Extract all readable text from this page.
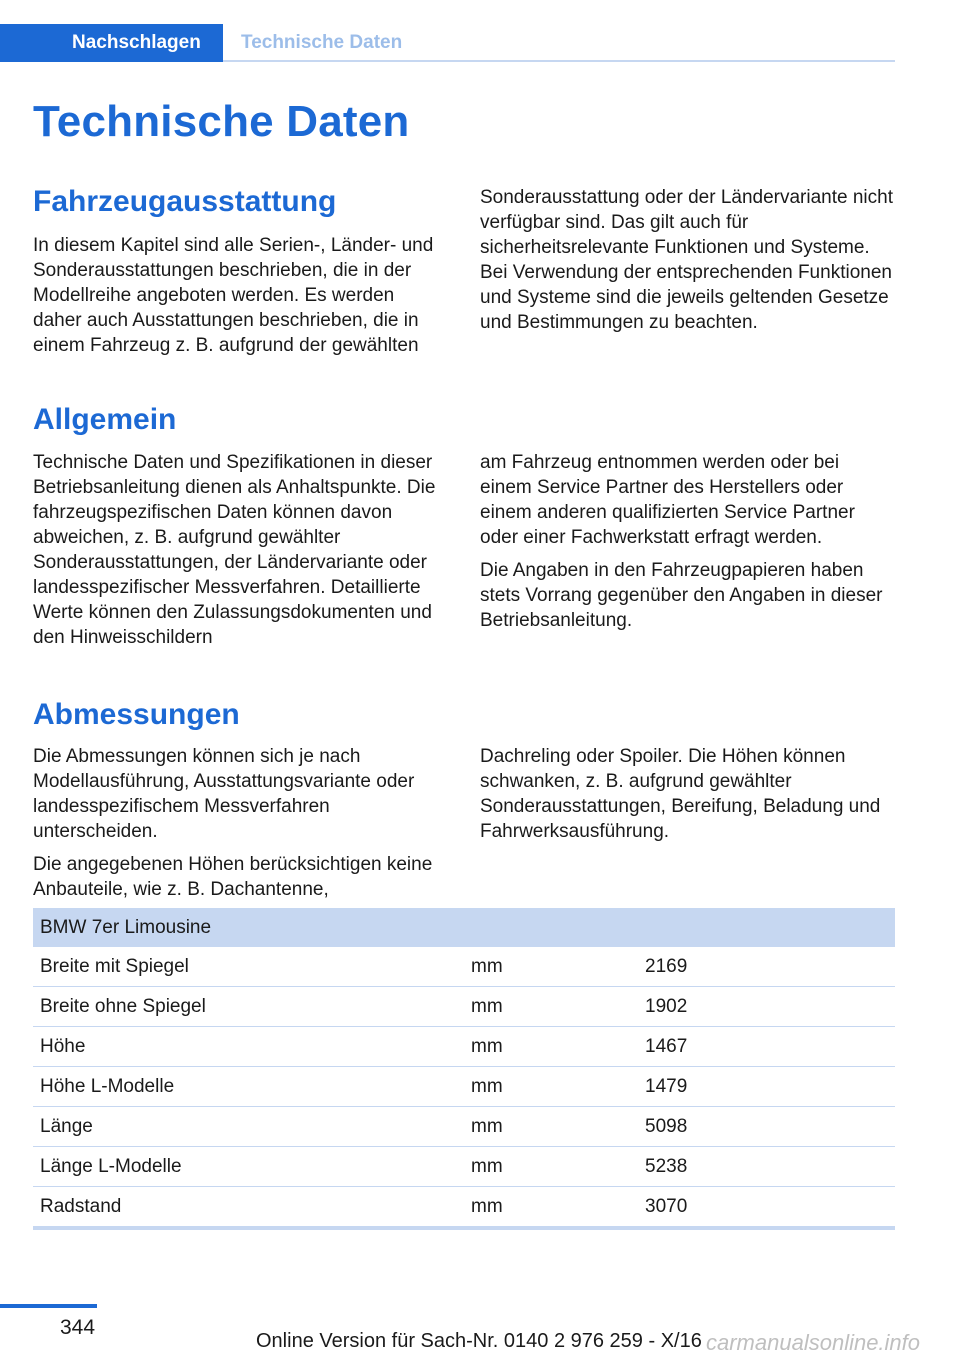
Nachschlagen	Technische Daten
Technische Daten
Fahrzeugausstattung

In diesem Kapitel sind alle Serien-, Länder- und Sonderausstattungen beschrieben, die in der Modellreihe angeboten werden. Es werden daher auch Ausstattungen beschrieben, die in einem Fahrzeug z. B. aufgrund der gewählten

Sonderausstattung oder der Ländervariante nicht verfügbar sind. Das gilt auch für sicherheitsrelevante Funktionen und Systeme. Bei Verwendung der entsprechenden Funktionen und Systeme sind die jeweils geltenden Gesetze und Bestimmungen zu beachten.

Allgemein

Technische Daten und Spezifikationen in dieser Betriebsanleitung dienen als Anhaltspunkte. Die fahrzeugspezifischen Daten können davon abweichen, z. B. aufgrund gewählter Sonderausstattungen, der Ländervariante oder landesspezifischer Messverfahren. Detaillierte Werte können den Zulassungsdokumenten und den Hinweisschildern

am Fahrzeug entnommen werden oder bei einem Service Partner des Herstellers oder einem anderen qualifizierten Service Partner oder einer Fachwerkstatt erfragt werden.

Die Angaben in den Fahrzeugpapieren haben stets Vorrang gegenüber den Angaben in dieser Betriebsanleitung.

Abmessungen

Die Abmessungen können sich je nach Modellausführung, Ausstattungsvariante oder landesspezifischem Messverfahren unterscheiden.

Die angegebenen Höhen berücksichtigen keine Anbauteile, wie z. B. Dachantenne,

Dachreling oder Spoiler. Die Höhen können schwanken, z. B. aufgrund gewählter Sonderausstattungen, Bereifung, Beladung und Fahrwerksausführung.

BMW 7er Limousine		
Breite mit Spiegel	mm	2169
Breite ohne Spiegel	mm	1902
Höhe	mm	1467
Höhe L-Modelle	mm	1479
Länge	mm	5098
Länge L-Modelle	mm	5238
Radstand	mm	3070
344
Online Version für Sach-Nr. 0140 2 976 259 - X/16 carmanualsonline.info
